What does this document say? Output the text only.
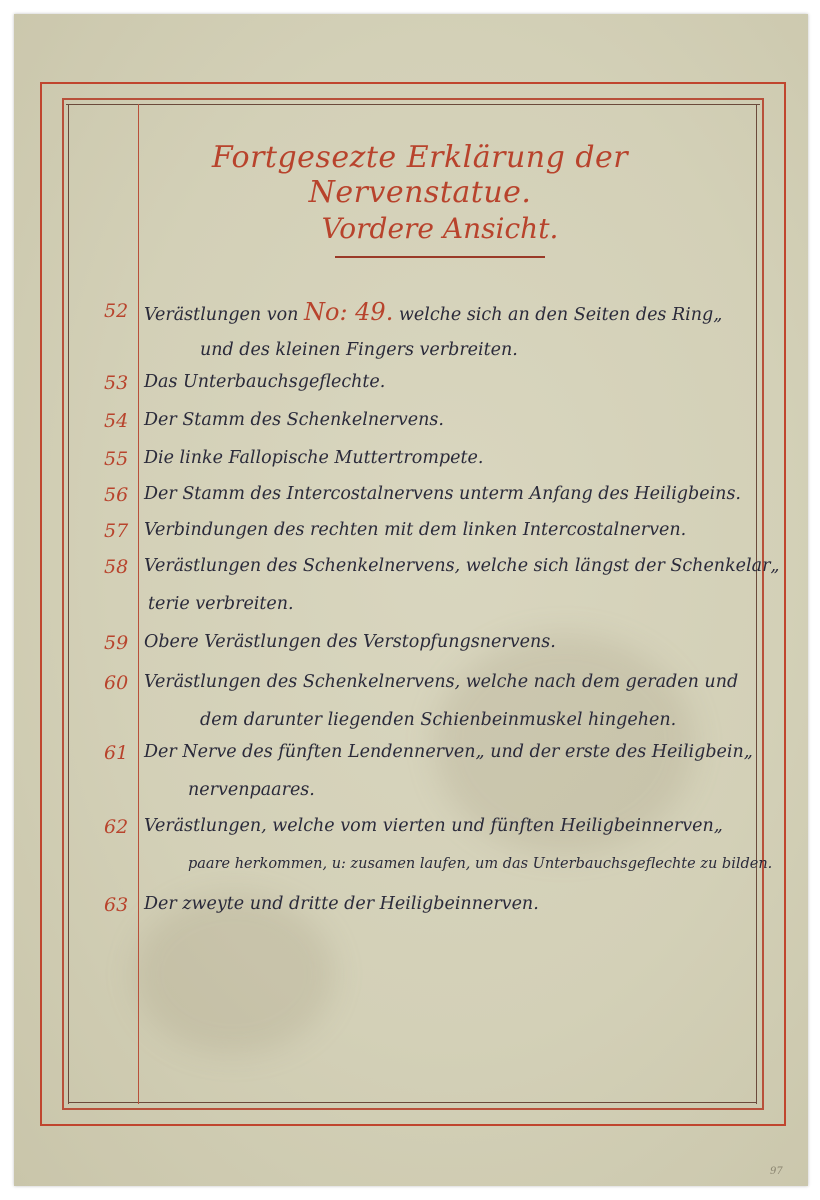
Fortgesezte Erklärung der Nervenstatue.
Vordere Ansicht.
52 Verästlungen von No: 49. welche sich an den Seiten des Ring„
und des kleinen Fingers verbreiten.
53 Das Unterbauchsgeflechte.
54 Der Stamm des Schenkelnervens.
55 Die linke Fallopische Muttertrompete.
56 Der Stamm des Intercostalnervens unterm Anfang des Heiligbeins.
57 Verbindungen des rechten mit dem linken Intercostalnerven.
58 Verästlungen des Schenkelnervens, welche sich längst der Schenkelar„
terie verbreiten.
59 Obere Verästlungen des Verstopfungsnervens.
60 Verästlungen des Schenkelnervens, welche nach dem geraden und
dem darunter liegenden Schienbeinmuskel hingehen.
61 Der Nerve des fünften Lendennerven„ und der erste des Heiligbein„
nervenpaares.
62 Verästlungen, welche vom vierten und fünften Heiligbeinnerven„
paare herkommen, u: zusamen laufen, um das Unterbauchsgeflechte zu bilden.
63 Der zweyte und dritte der Heiligbeinnerven.
97
